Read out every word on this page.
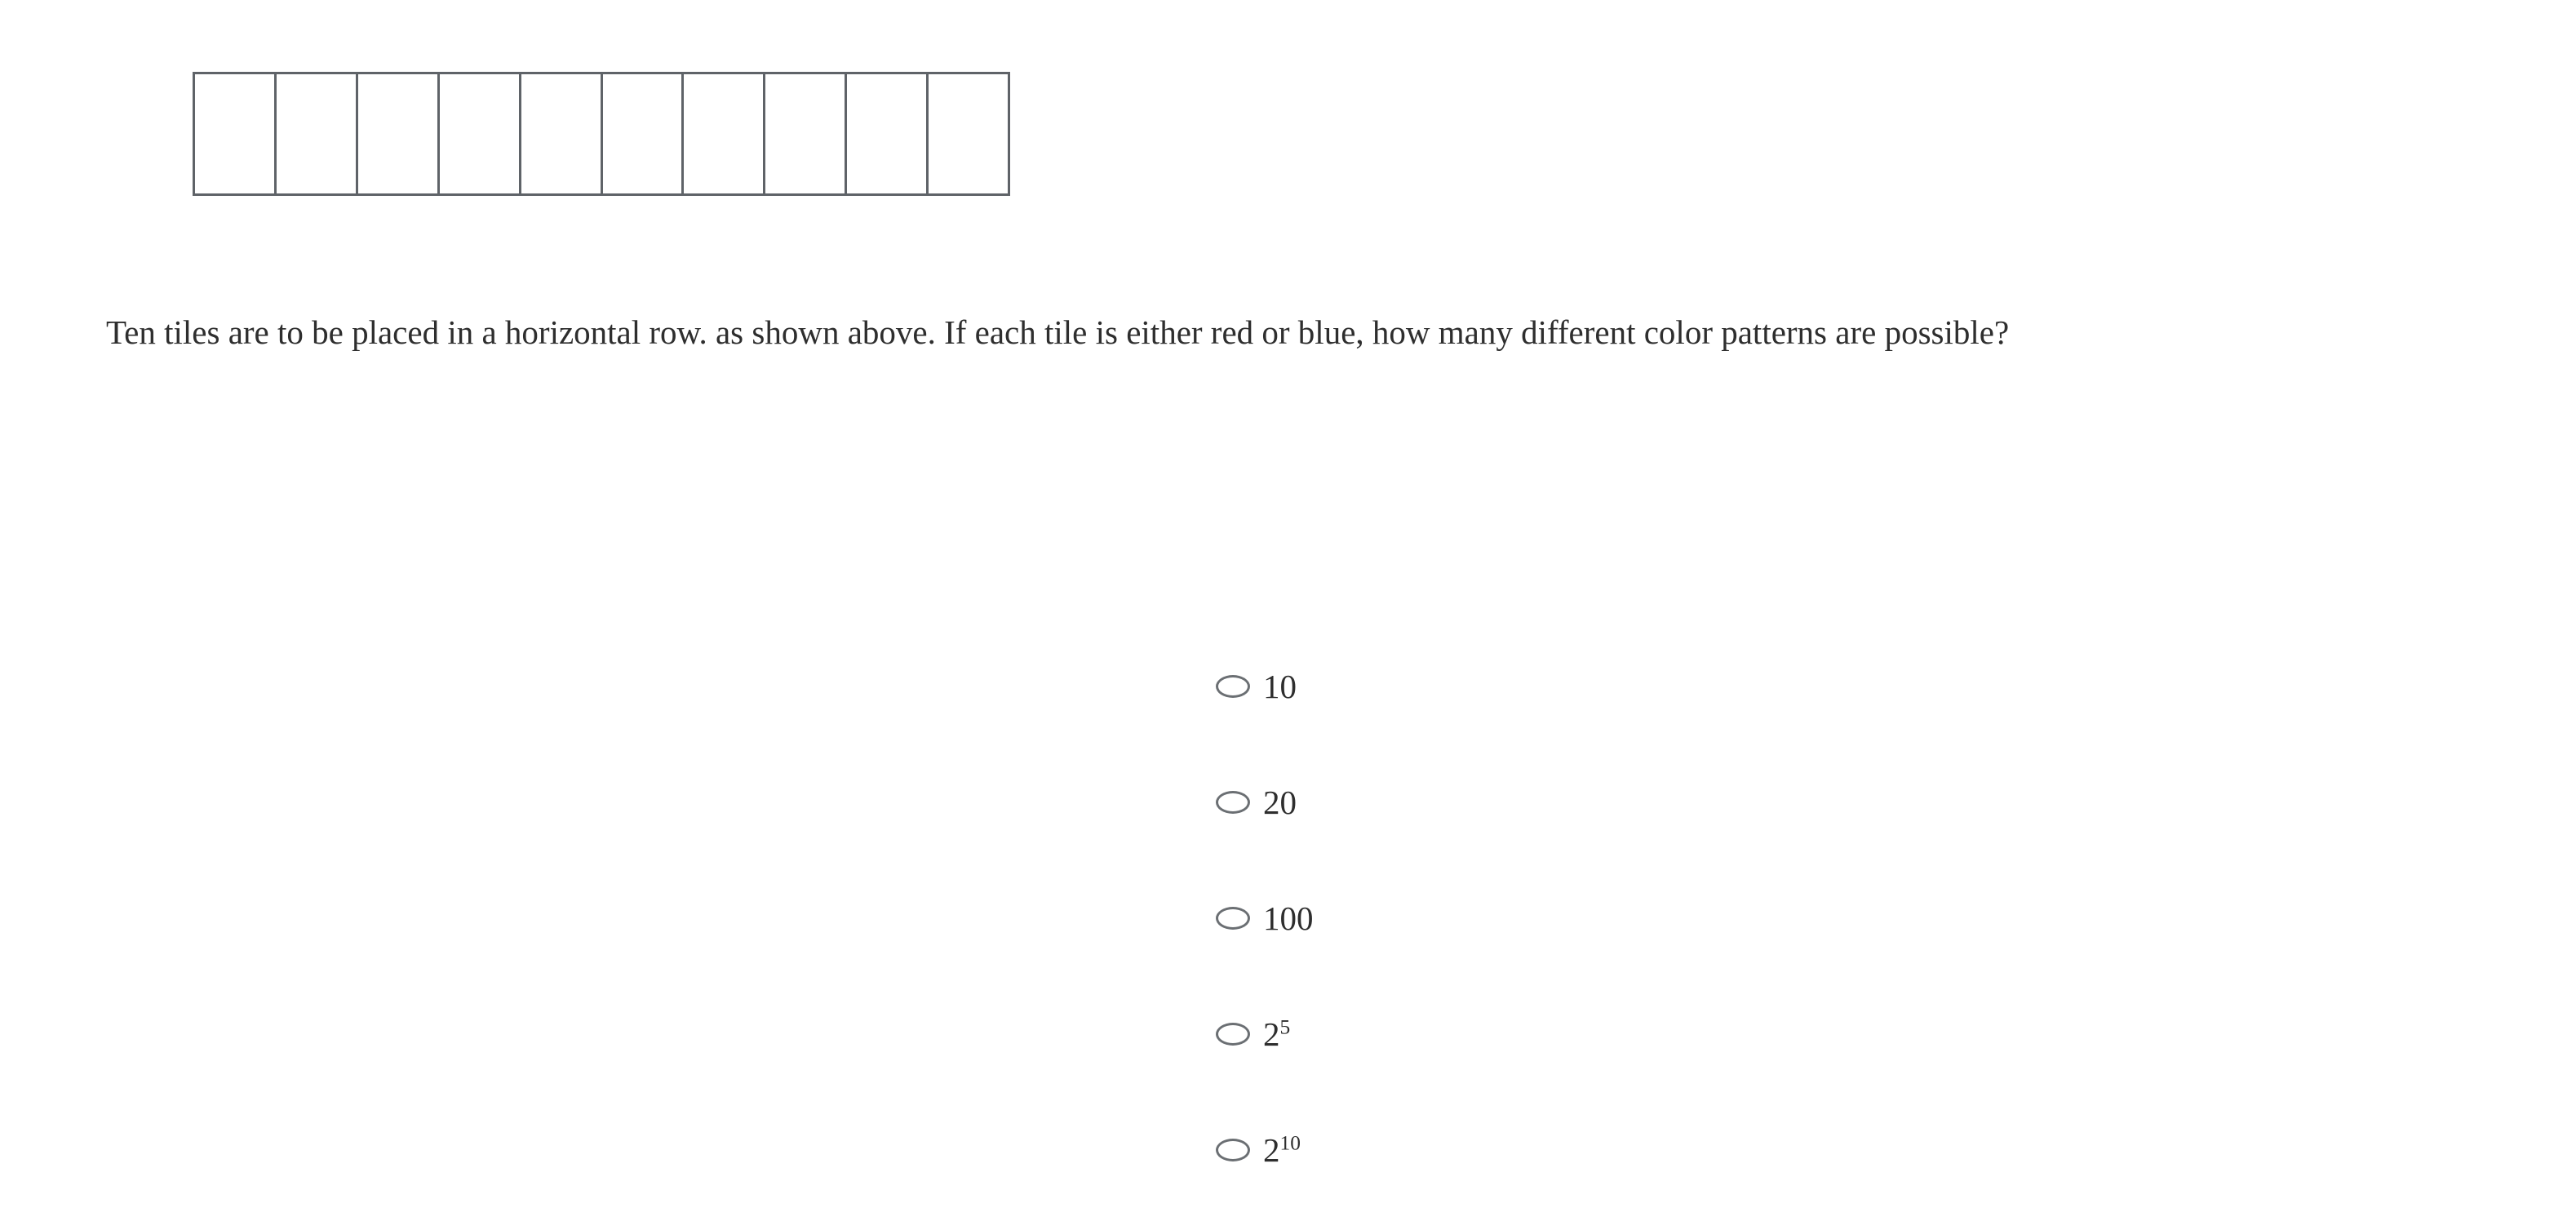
Ten tiles are to be placed in a horizontal row. as shown above. If each tile is either red or blue, how many different color patterns are possible?
10
20
100
$2^5$
$2^{10}$
